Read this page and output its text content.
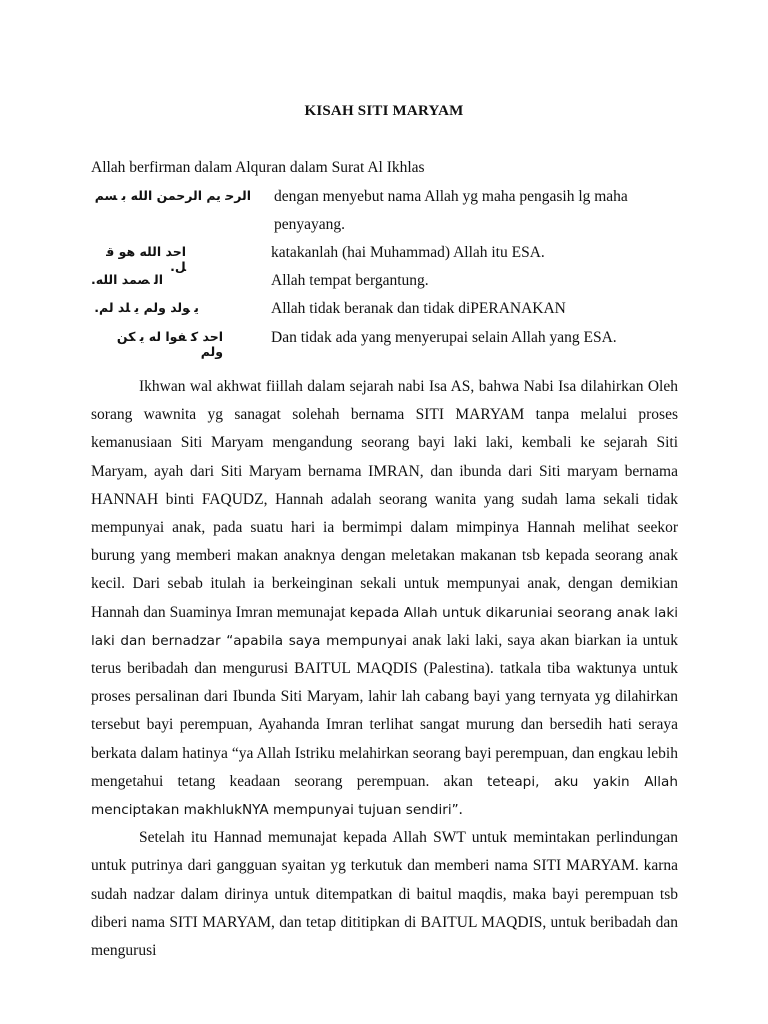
KISAH SITI MARYAM
Allah berfirman dalam Alquran dalam Surat Al Ikhlas
ﺍﻟﺮﺣ ﻳﻢ ﺍﻟﺮﺣﻤﻦ ﺍﻟﻠﻪ ﺑ ﺴﻢ dengan menyebut nama Allah yg maha pengasih lg maha
penyayang.
ﺍﺣﺪ ﺍﻟﻠﻪ ﻫﻮ ﻗ ﻞ.
katakanlah (hai Muhammad) Allah itu ESA.
ﺍﻟ ﺼﻤﺪ ﺍﻟﻠﻪ.	Allah tempat bergantung.
ﻳ ﻮﻟﺪ ﻭﻟﻢ ﻳ ﻠﺪ ﻟﻢ.	Allah tidak beranak dan tidak diPERANAKAN
ﺍﺣﺪ ﻛ ﻔﻮﺍ ﻟﻪ ﻳ ﻜﻦ ﻭﻟﻢ
Dan tidak ada yang menyerupai selain Allah yang ESA.

Ikhwan wal akhwat fiillah dalam sejarah nabi Isa AS, bahwa Nabi Isa dilahirkan Oleh sorang wawnita yg sanagat solehah bernama SITI MARYAM tanpa melalui proses kemanusiaan Siti Maryam mengandung seorang bayi laki laki, kembali ke sejarah Siti Maryam, ayah dari Siti Maryam bernama IMRAN, dan ibunda dari Siti maryam bernama HANNAH binti FAQUDZ, Hannah adalah seorang wanita yang sudah lama sekali tidak mempunyai anak, pada suatu hari ia bermimpi dalam mimpinya Hannah melihat seekor burung yang memberi makan anaknya dengan meletakan makanan tsb kepada seorang anak kecil. Dari sebab itulah ia berkeinginan sekali untuk mempunyai anak, dengan demikian Hannah dan Suaminya Imran memunajat kepada Allah untuk dikaruniai seorang anak laki laki dan bernadzar “apabila saya mempunyai anak laki laki, saya akan biarkan ia untuk terus beribadah dan mengurusi BAITUL MAQDIS (Palestina). tatkala tiba waktunya untuk proses persalinan dari Ibunda Siti Maryam, lahir lah cabang bayi yang ternyata yg dilahirkan tersebut bayi perempuan, Ayahanda Imran terlihat sangat murung dan bersedih hati seraya berkata dalam hatinya “ya Allah Istriku melahirkan seorang bayi perempuan, dan engkau lebih mengetahui tetang keadaan seorang perempuan. akan teteapi, aku yakin Allah menciptakan makhlukNYA mempunyai tujuan sendiri”.

Setelah itu Hannad memunajat kepada Allah SWT untuk memintakan perlindungan untuk putrinya dari gangguan syaitan yg terkutuk dan memberi nama SITI MARYAM. karna sudah nadzar dalam dirinya untuk ditempatkan di baitul maqdis, maka bayi perempuan tsb diberi nama SITI MARYAM, dan tetap dititipkan di BAITUL MAQDIS, untuk beribadah dan mengurusi
